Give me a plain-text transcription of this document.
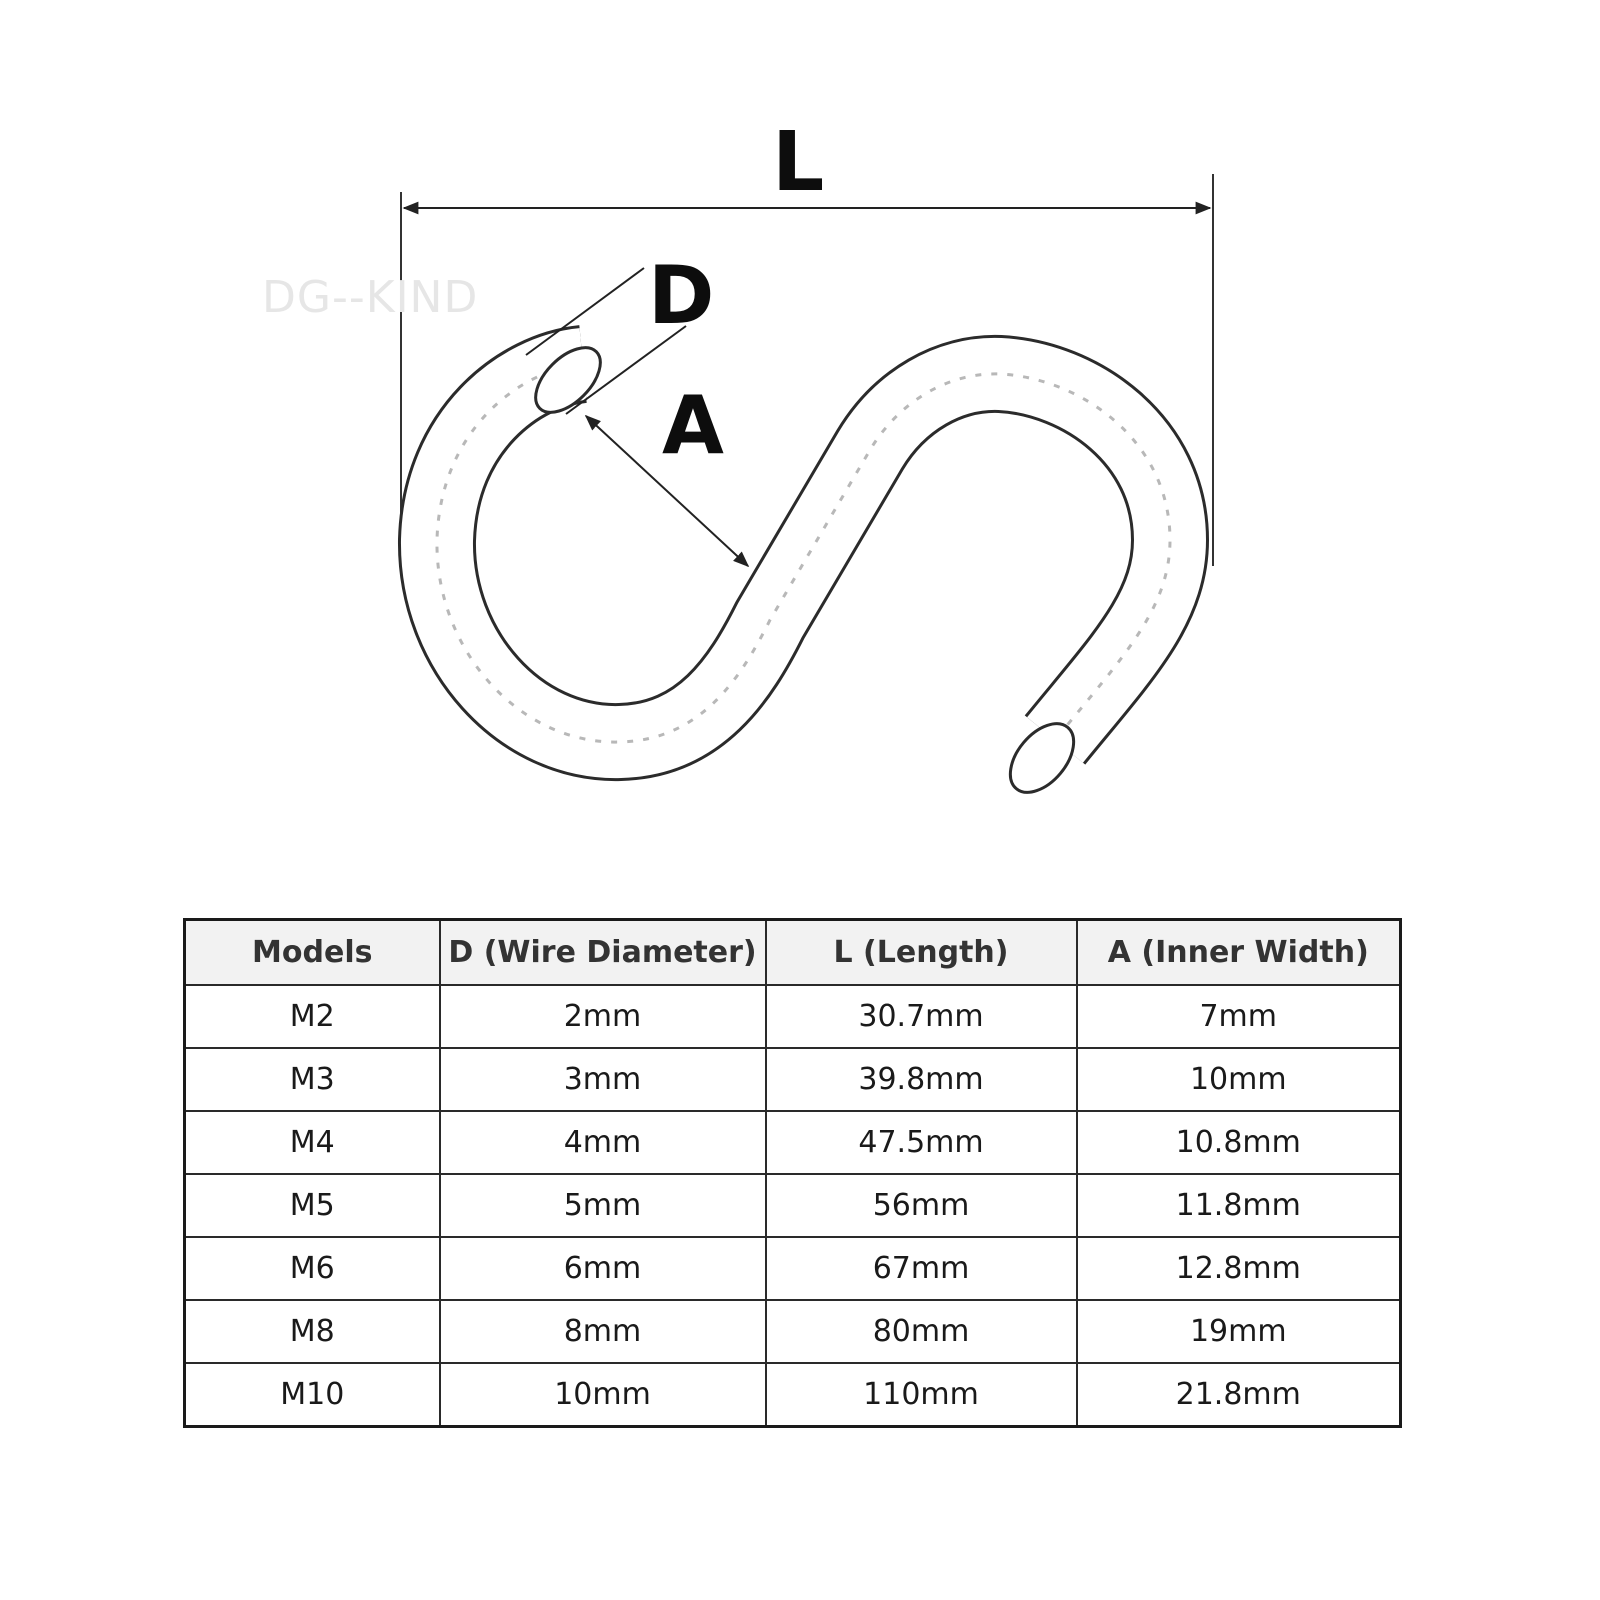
DG--KIND
L
D
A
Models	D (Wire Diameter)	L (Length)	A (Inner Width)
M2	2mm	30.7mm	7mm
M3	3mm	39.8mm	10mm
M4	4mm	47.5mm	10.8mm
M5	5mm	56mm	11.8mm
M6	6mm	67mm	12.8mm
M8	8mm	80mm	19mm
M10	10mm	110mm	21.8mm
